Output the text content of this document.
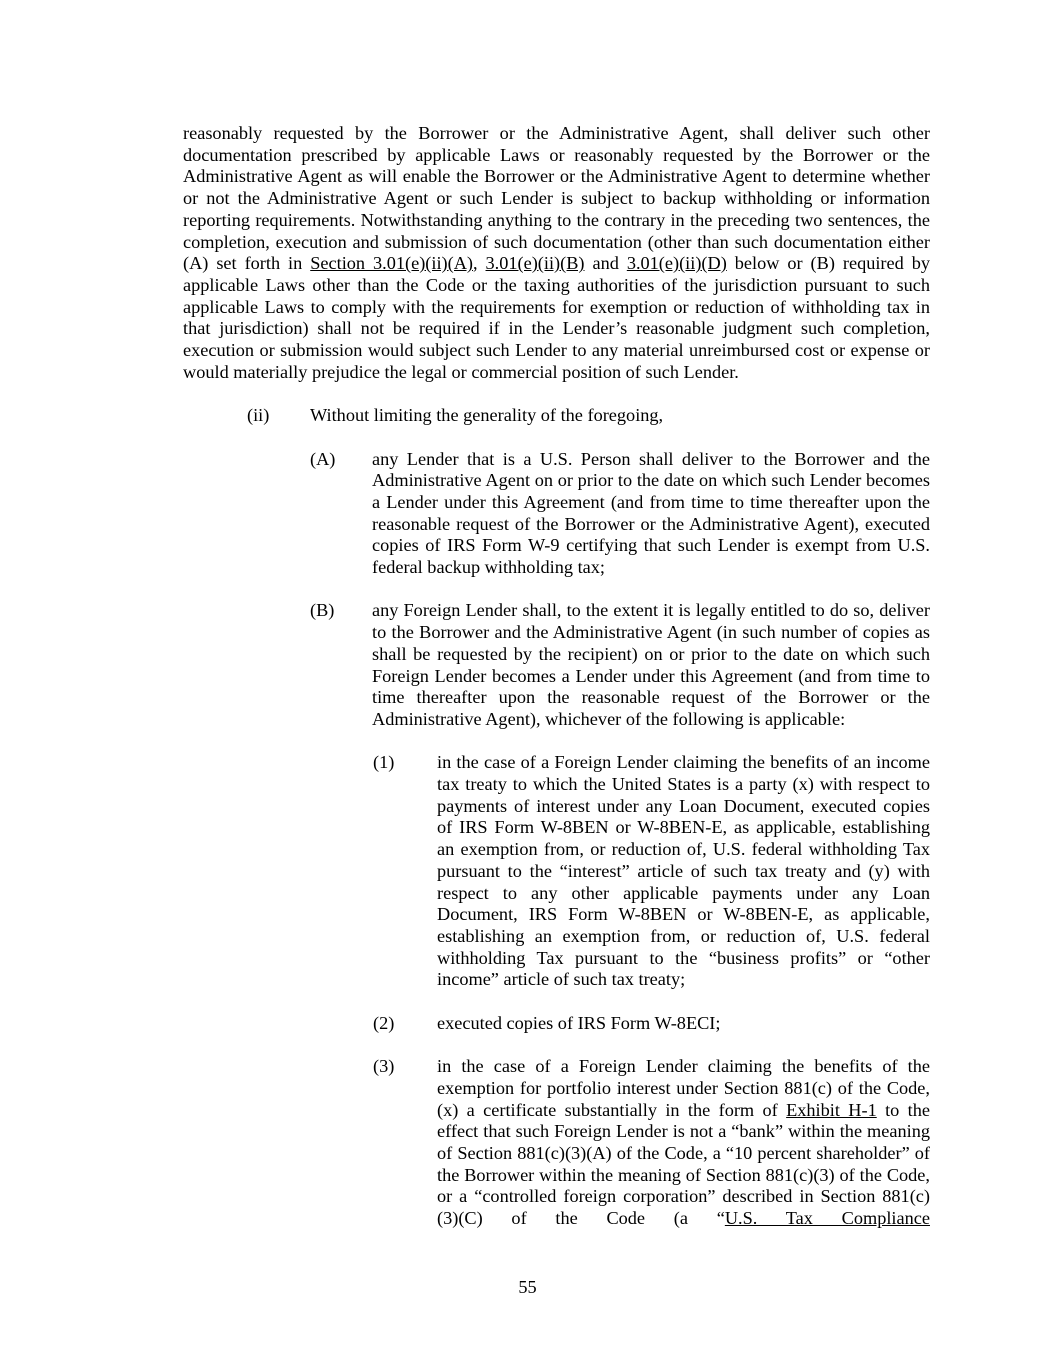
reasonably requested by the Borrower or the Administrative Agent, shall deliver such other documentation prescribed by applicable Laws or reasonably requested by the Borrower or the Administrative Agent as will enable the Borrower or the Administrative Agent to determine whether or not the Administrative Agent or such Lender is subject to backup withholding or information reporting requirements. Notwithstanding anything to the contrary in the preceding two sentences, the completion, execution and submission of such documentation (other than such documentation either (A) set forth in Section 3.01(e)(ii)(A), 3.01(e)(ii)(B) and 3.01(e)(ii)(D) below or (B) required by applicable Laws other than the Code or the taxing authorities of the jurisdiction pursuant to such applicable Laws to comply with the requirements for exemption or reduction of withholding tax in that jurisdiction) shall not be required if in the Lender’s reasonable judgment such completion, execution or submission would subject such Lender to any material unreimbursed cost or expense or would materially prejudice the legal or commercial position of such Lender.

(ii) Without limiting the generality of the foregoing,
(A) any Lender that is a U.S. Person shall deliver to the Borrower and the Administrative Agent on or prior to the date on which such Lender becomes a Lender under this Agreement (and from time to time thereafter upon the reasonable request of the Borrower or the Administrative Agent), executed copies of IRS Form W-9 certifying that such Lender is exempt from U.S. federal backup withholding tax;
(B) any Foreign Lender shall, to the extent it is legally entitled to do so, deliver to the Borrower and the Administrative Agent (in such number of copies as shall be requested by the recipient) on or prior to the date on which such Foreign Lender becomes a Lender under this Agreement (and from time to time thereafter upon the reasonable request of the Borrower or the Administrative Agent), whichever of the following is applicable:
(1) in the case of a Foreign Lender claiming the benefits of an income tax treaty to which the United States is a party (x) with respect to payments of interest under any Loan Document, executed copies of IRS Form W-8BEN or W-8BEN-E, as applicable, establishing an exemption from, or reduction of, U.S. federal withholding Tax pursuant to the “interest” article of such tax treaty and (y) with respect to any other applicable payments under any Loan Document, IRS Form W-8BEN or W-8BEN-E, as applicable, establishing an exemption from, or reduction of, U.S. federal withholding Tax pursuant to the “business profits” or “other income” article of such tax treaty;
(2) executed copies of IRS Form W-8ECI;
(3) in the case of a Foreign Lender claiming the benefits of the exemption for portfolio interest under Section 881(c) of the Code, (x) a certificate substantially in the form of Exhibit H-1 to the effect that such Foreign Lender is not a “bank” within the meaning of Section 881(c)(3)(A) of the Code, a “10 percent shareholder” of the Borrower within the meaning of Section 881(c)(3) of the Code, or a “controlled foreign corporation” described in Section 881(c)(3)(C) of the Code (a “U.S. Tax Compliance
55
